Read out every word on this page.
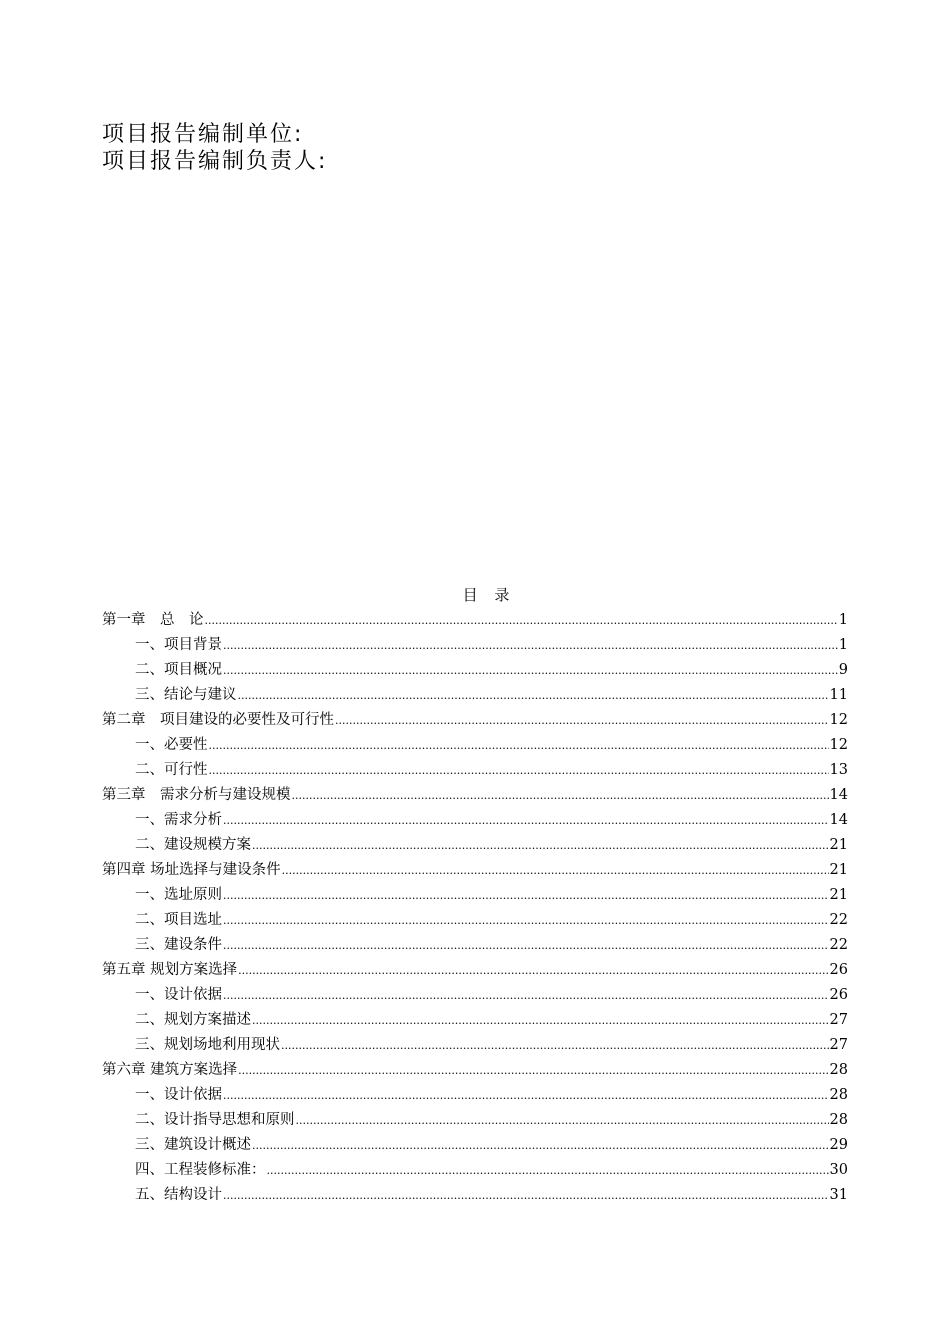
项目报告编制单位:
项目报告编制负责人:
目 录
第一章　总　论 .....	1
一、项目背景 .....	1
二、项目概况 .....	9
三、结论与建议 .....	11
第二章　项目建设的必要性及可行性 .....	12
一、必要性 .....	12
二、可行性 .....	13
第三章　需求分析与建设规模 .....	14
一、需求分析 .....	14
二、建设规模方案 .....	21
第四章 场址选择与建设条件 .....	21
一、选址原则 .....	21
二、项目选址 .....	22
三、建设条件 .....	22
第五章 规划方案选择 .....	26
一、设计依据 .....	26
二、规划方案描述 .....	27
三、规划场地利用现状 .....	27
第六章 建筑方案选择 .....	28
一、设计依据 .....	28
二、设计指导思想和原则 .....	28
三、建筑设计概述 .....	29
四、工程装修标准： .....	30
五、结构设计 .....	31
